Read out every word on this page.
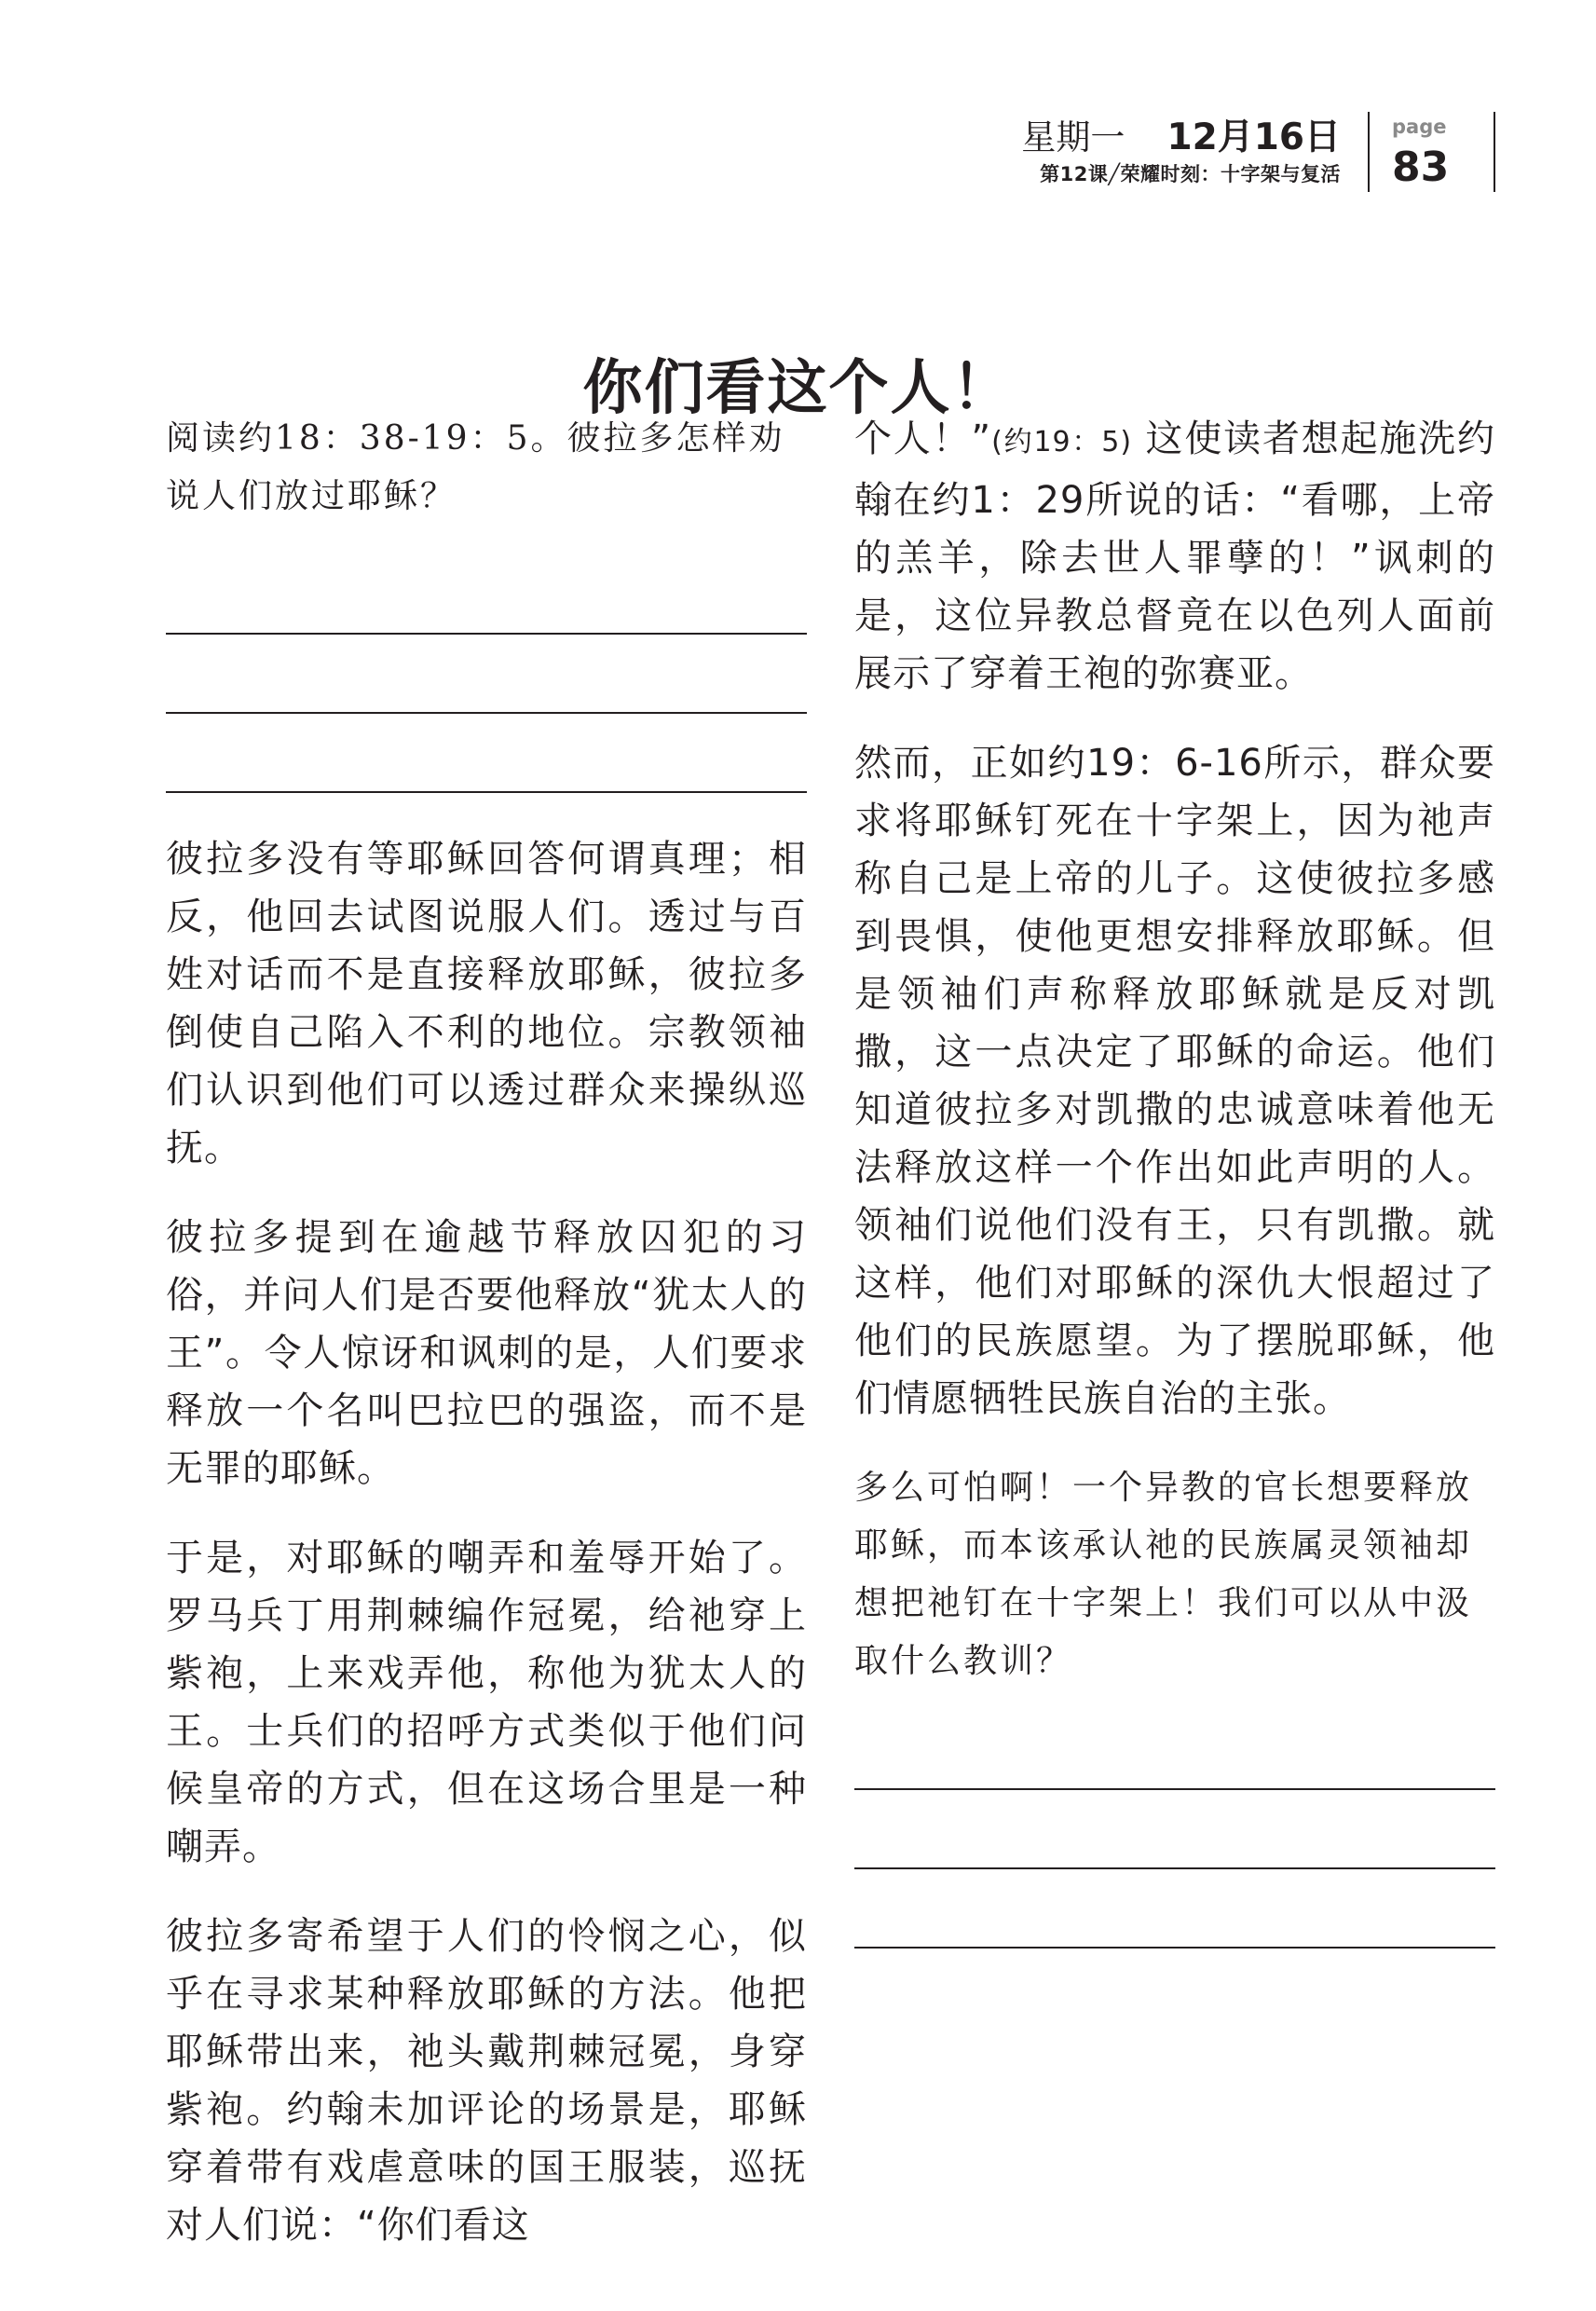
星期一 12月16日
第12课╱荣耀时刻：十字架与复活
page
83
你们看这个人！

阅读约18：38-19：5。彼拉多怎样劝说人们放过耶稣？

彼拉多没有等耶稣回答何谓真理；相反，他回去试图说服人们。透过与百姓对话而不是直接释放耶稣，彼拉多倒使自己陷入不利的地位。宗教领袖们认识到他们可以透过群众来操纵巡抚。

彼拉多提到在逾越节释放囚犯的习俗，并问人们是否要他释放“犹太人的王”。令人惊讶和讽刺的是，人们要求释放一个名叫巴拉巴的强盗，而不是无罪的耶稣。

于是，对耶稣的嘲弄和羞辱开始了。罗马兵丁用荆棘编作冠冕，给祂穿上紫袍，上来戏弄他，称他为犹太人的王。士兵们的招呼方式类似于他们问候皇帝的方式，但在这场合里是一种嘲弄。

彼拉多寄希望于人们的怜悯之心，似乎在寻求某种释放耶稣的方法。他把耶稣带出来，祂头戴荆棘冠冕，身穿紫袍。约翰未加评论的场景是，耶稣穿着带有戏虐意味的国王服装，巡抚对人们说：“你们看这

个人！”(约19：5) 这使读者想起施洗约翰在约1：29所说的话：“看哪，上帝的羔羊，除去世人罪孽的！”讽刺的是，这位异教总督竟在以色列人面前展示了穿着王袍的弥赛亚。

然而，正如约19：6-16所示，群众要求将耶稣钉死在十字架上，因为祂声称自己是上帝的儿子。这使彼拉多感到畏惧，使他更想安排释放耶稣。但是领袖们声称释放耶稣就是反对凯撒，这一点决定了耶稣的命运。他们知道彼拉多对凯撒的忠诚意味着他无法释放这样一个作出如此声明的人。领袖们说他们没有王，只有凯撒。就这样，他们对耶稣的深仇大恨超过了他们的民族愿望。为了摆脱耶稣，他们情愿牺牲民族自治的主张。

多么可怕啊！一个异教的官长想要释放耶稣，而本该承认祂的民族属灵领袖却想把祂钉在十字架上！我们可以从中汲取什么教训？
